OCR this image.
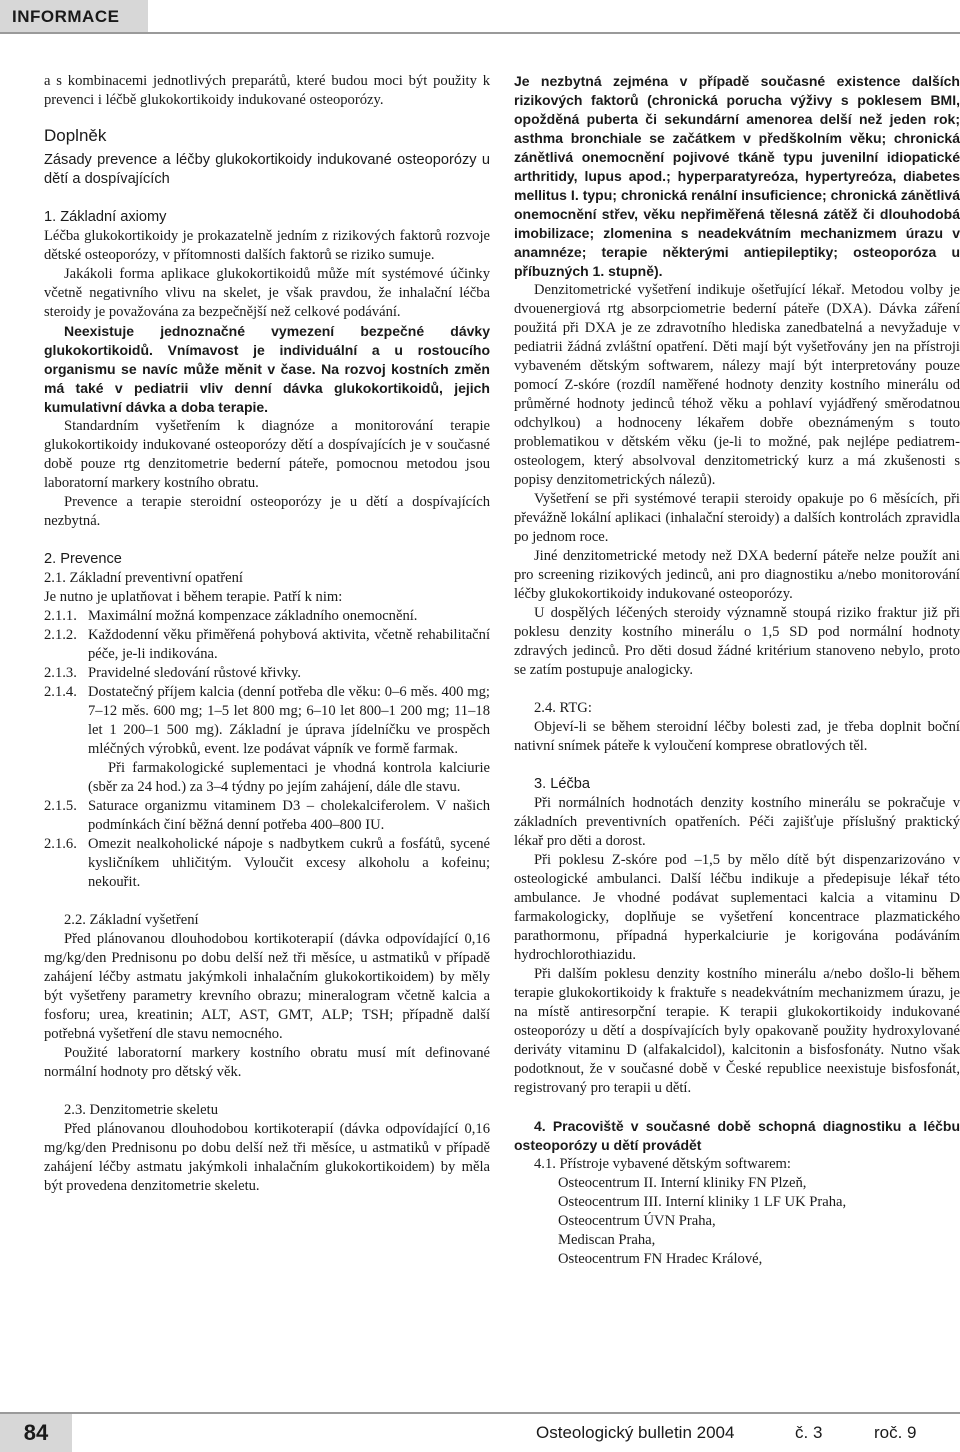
INFORMACE

a s kombinacemi jednotlivých preparátů, které budou moci být použity k prevenci i léčbě glukokortikoidy indukované osteoporózy.

Doplněk

Zásady prevence a léčby glukokortikoidy indukované osteoporózy u dětí a dospívajících

1. Základní axiomy

Léčba glukokortikoidy je prokazatelně jedním z rizikových faktorů rozvoje dětské osteoporózy, v přítomnosti dalších faktorů se riziko sumuje.

Jakákoli forma aplikace glukokortikoidů může mít systémové účinky včetně negativního vlivu na skelet, je však pravdou, že inhalační léčba steroidy je považována za bezpečnější než celkové podávání.

Neexistuje jednoznačné vymezení bezpečné dávky glukokortikoidů. Vnímavost je individuální a u rostoucího organismu se navíc může měnit v čase. Na rozvoj kostních změn má také v pediatrii vliv denní dávka glukokortikoidů, jejich kumulativní dávka a doba terapie.

Standardním vyšetřením k diagnóze a monitorování terapie glukokortikoidy indukované osteoporózy dětí a dospívajících je v současné době pouze rtg denzitometrie bederní páteře, pomocnou metodou jsou laboratorní markery kostního obratu.

Prevence a terapie steroidní osteoporózy je u dětí a dospívajících nezbytná.

2. Prevence

2.1. Základní preventivní opatření

Je nutno je uplatňovat i během terapie. Patří k nim:

2.1.1. Maximální možná kompenzace základního onemocnění.
2.1.2. Každodenní věku přiměřená pohybová aktivita, včetně rehabilitační péče, je-li indikována.
2.1.3. Pravidelné sledování růstové křivky.
2.1.4. Dostatečný příjem kalcia (denní potřeba dle věku: 0–6 měs. 400 mg; 7–12 měs. 600 mg; 1–5 let 800 mg; 6–10 let 800–1 200 mg; 11–18 let 1 200–1 500 mg). Základní je úprava jídelníčku ve prospěch mléčných výrobků, event. lze podávat vápník ve formě farmak.
Při farmakologické suplementaci je vhodná kontrola kalciurie (sběr za 24 hod.) za 3–4 týdny po jejím zahájení, dále dle stavu.
2.1.5. Saturace organizmu vitaminem D3 – cholekalciferolem. V našich podmínkách činí běžná denní potřeba 400–800 IU.
2.1.6. Omezit nealkoholické nápoje s nadbytkem cukrů a fosfátů, sycené kysličníkem uhličitým. Vyloučit excesy alkoholu a kofeinu; nekouřit.

2.2. Základní vyšetření

Před plánovanou dlouhodobou kortikoterapií (dávka odpovídající 0,16 mg/kg/den Prednisonu po dobu delší než tři měsíce, u astmatiků v případě zahájení léčby astmatu jakýmkoli inhalačním glukokortikoidem) by měly být vyšetřeny parametry krevního obrazu; mineralogram včetně kalcia a fosforu; urea, kreatinin; ALT, AST, GMT, ALP; TSH; případně další potřebná vyšetření dle stavu nemocného.

Použité laboratorní markery kostního obratu musí mít definované normální hodnoty pro dětský věk.

2.3. Denzitometrie skeletu

Před plánovanou dlouhodobou kortikoterapií (dávka odpovídající 0,16 mg/kg/den Prednisonu po dobu delší než tři měsíce, u astmatiků v případě zahájení léčby astmatu jakýmkoli inhalačním glukokortikoidem) by měla být provedena denzitometrie skeletu.

Je nezbytná zejména v případě současné existence dalších rizikových faktorů (chronická porucha výživy s poklesem BMI, opožděná puberta či sekundární amenorea delší než jeden rok; asthma bronchiale se začátkem v předškolním věku; chronická zánětlivá onemocnění pojivové tkáně typu juvenilní idiopatické arthritidy, lupus apod.; hyperparatyreóza, hypertyreóza, diabetes mellitus I. typu; chronická renální insuficience; chronická zánětlivá onemocnění střev, věku nepřiměřená tělesná zátěž či dlouhodobá imobilizace; zlomenina s neadekvátním mechanizmem úrazu v anamnéze; terapie některými antiepileptiky; osteoporóza u příbuzných 1. stupně).

Denzitometrické vyšetření indikuje ošetřující lékař. Metodou volby je dvouenergiová rtg absorpciometrie bederní páteře (DXA). Dávka záření použitá při DXA je ze zdravotního hlediska zanedbatelná a nevyžaduje v pediatrii žádná zvláštní opatření. Děti mají být vyšetřovány jen na přístroji vybaveném dětským softwarem, nálezy mají být interpretovány pouze pomocí Z-skóre (rozdíl naměřené hodnoty denzity kostního minerálu od průměrné hodnoty jedinců téhož věku a pohlaví vyjádřený směrodatnou odchylkou) a hodnoceny lékařem dobře obeznámeným s touto problematikou v dětském věku (je-li to možné, pak nejlépe pediatrem-osteologem, který absolvoval denzitometrický kurz a má zkušenosti s popisy denzitometrických nálezů).

Vyšetření se při systémové terapii steroidy opakuje po 6 měsících, při převážně lokální aplikaci (inhalační steroidy) a dalších kontrolách zpravidla po jednom roce.

Jiné denzitometrické metody než DXA bederní páteře nelze použít ani pro screening rizikových jedinců, ani pro diagnostiku a/nebo monitorování léčby glukokortikoidy indukované osteoporózy.

U dospělých léčených steroidy významně stoupá riziko fraktur již při poklesu denzity kostního minerálu o 1,5 SD pod normální hodnoty zdravých jedinců. Pro děti dosud žádné kritérium stanoveno nebylo, proto se zatím postupuje analogicky.

2.4. RTG:

Objeví-li se během steroidní léčby bolesti zad, je třeba doplnit boční nativní snímek páteře k vyloučení komprese obratlových těl.

3. Léčba

Při normálních hodnotách denzity kostního minerálu se pokračuje v základních preventivních opatřeních. Péči zajišťuje příslušný praktický lékař pro děti a dorost.

Při poklesu Z-skóre pod –1,5 by mělo dítě být dispenzarizováno v osteologické ambulanci. Další léčbu indikuje a předepisuje lékař této ambulance. Je vhodné podávat suplementaci kalcia a vitaminu D farmakologicky, doplňuje se vyšetření koncentrace plazmatického parathormonu, případná hyperkalciurie je korigována podáváním hydrochlorothiazidu.

Při dalším poklesu denzity kostního minerálu a/nebo došlo-li během terapie glukokortikoidy k fraktuře s neadekvátním mechanizmem úrazu, je na místě antiresorpční terapie. K terapii glukokortikoidy indukované osteoporózy u dětí a dospívajících byly opakovaně použity hydroxylované deriváty vitaminu D (alfakalcidol), kalcitonin a bisfosfonáty. Nutno však podotknout, že v současné době v České republice neexistuje bisfosfonát, registrovaný pro terapii u dětí.

4. Pracoviště v současné době schopná diagnostiku a léčbu osteoporózy u dětí provádět

4.1. Přístroje vybavené dětským softwarem:

Osteocentrum II. Interní kliniky FN Plzeň,

Osteocentrum III. Interní kliniky 1 LF UK Praha,

Osteocentrum ÚVN Praha,

Mediscan Praha,

Osteocentrum FN Hradec Králové,

84	Osteologický bulletin 2004	č. 3	roč. 9
